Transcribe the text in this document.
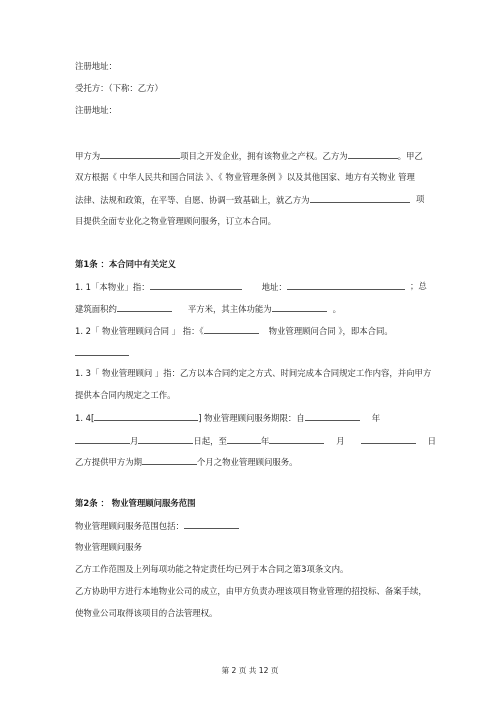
注册地址：
受托方：（下称：乙方）
注册地址：
甲方为	项目之开发企业，拥有该物业之产权。乙方为	。甲乙
双方根据《 中华人民共和国合同法 》、《 物业管理条例 》以及其他国家、地方有关物业 管理
法律、法规和政策，在平等、自愿、协调一致基础上，就乙方为	项
目提供全面专业化之物业管理顾问服务，订立本合同。
第1条 ：本合同中有关定义
1. 1「本物业」指：	地址：	；总
建筑面积约	平方米，其主体功能为	。
1. 2「 物业管理顾问合同 」 指：《	物业管理顾问合同 》，即本合同。
1. 3「 物业管理顾问 」指：乙方以本合同约定之方式、时间完成本合同规定工作内容，并向甲方
提供本合同内规定之工作。
1. 4[	] 物业管理顾问服务期限：自	年
月	日起，至	年	月	日
乙方提供甲方为期	个月之物业管理顾问服务。
第2条 ： 物业管理顾问服务范围
物业管理顾问服务范围包括：
物业管理顾问服务
乙方工作范围及上列每项功能之特定责任均已列于本合同之第3项条文内。
乙方协助甲方进行本地物业公司的成立，由甲方负责办理该项目物业管理的招投标、备案手续，
使物业公司取得该项目的合法管理权。
第 2 页 共 12 页
